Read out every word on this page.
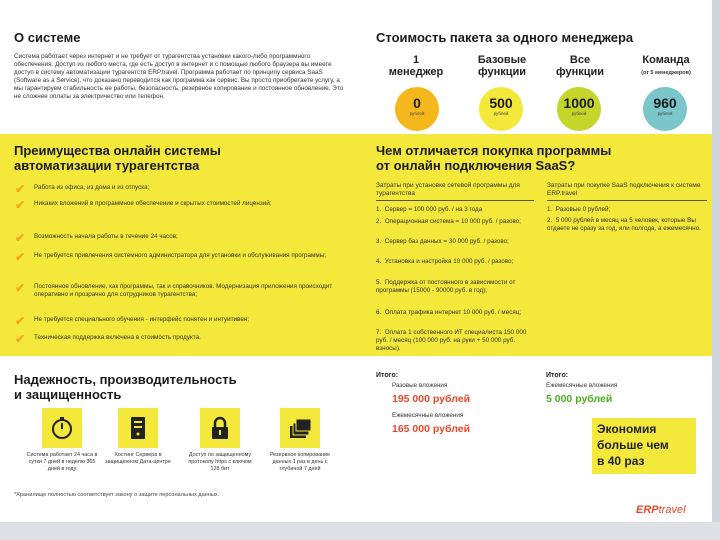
О системе
Система работает через интернет и не требует от турагентства установки какого-либо программного обеспечения. Доступ из любого места, где есть доступ в интернет и с помощью любого браузера вы имеете доступ в систему автоматизации турагентств ERP.travel. Программа работает по принципу сервиса SaaS (Software as a Service), что доказано переводится как программа как сервис. Вы просто приобретаете услугу, а мы гарантируем стабильность ее работы, безопасность, резервное копирование и постоянное обновление. Это не сложнее оплаты за электричество или телефон.
Стоимость пакета за одного менеджера
1 менеджер
Базовые функции
Все функции
Команда
(от 5 менеджеров)
0
рублей
500
рублей
1000
рублей
960
рублей
Преимущества онлайн системы автоматизации турагентства
✔ Работа из офиса, из дома и из отпуска;
✔ Никаких вложений в программное обеспечение и скрытых стоимостей лицензий;
✔ Возможность начала работы в течение 24 часов;
✔ Не требуется привлечения системного администратора для установки и обслуживания программы;
✔ Постоянное обновление, как программы, так и справочников. Модернизация приложения происходит оперативно и прозрачно для сотрудников турагентства;
✔ Не требуется специального обучения - интерфейс понятен и интуитивен;
✔ Техническая поддержка включена в стоимость продукта.
Чем отличается покупка программы от онлайн подключения SaaS?
Затраты при установке сетевой программы для турагентства
Затраты при покупке SaaS подключения к системе ERP.travel
1.  Сервер = 100 000 руб. / на 3 года
2.  Операционная система = 10 000 руб. / разово;
3.  Сервер баз данных = 30 000 руб. / разово;
4.  Установка и настройка 10 000 руб. / разово;
5.  Поддержка от постоянного в зависимости от программы (15000 - 90000 руб. в год);
6.  Оплата трафика интернет 10 000 руб. / месяц;
7.  Оплата 1 собственного ИТ специалиста 150 000 руб. / месяц (100 000 руб. на руки + 50 000 руб. взносы).
1.  Разовые 0 рублей;
2.  5 000 рублей в месяц на 5 человек, которые Вы отдаете не сразу за год, или полгода, а ежемесячно.
Надежность, производительность
и защищенность
Система работает 24 часа в сутки 7 дней в неделю 365 дней в году
Хостинг Сервера в защищенном Дата-центре
Доступ по защищенному протоколу https с ключом 128 бит
Резервное копирование данных 1 раз в день с глубиной 7 дней
*Хранилище полностью соответствует закону о защите персональных данных.
Итого:
Разовые вложения
195 000 рублей
Ежемесячные вложения
165 000 рублей
Итого:
Ежемесячные вложения
5 000 рублей
Экономия
больше чем
в 40 раз
ERPtravel
